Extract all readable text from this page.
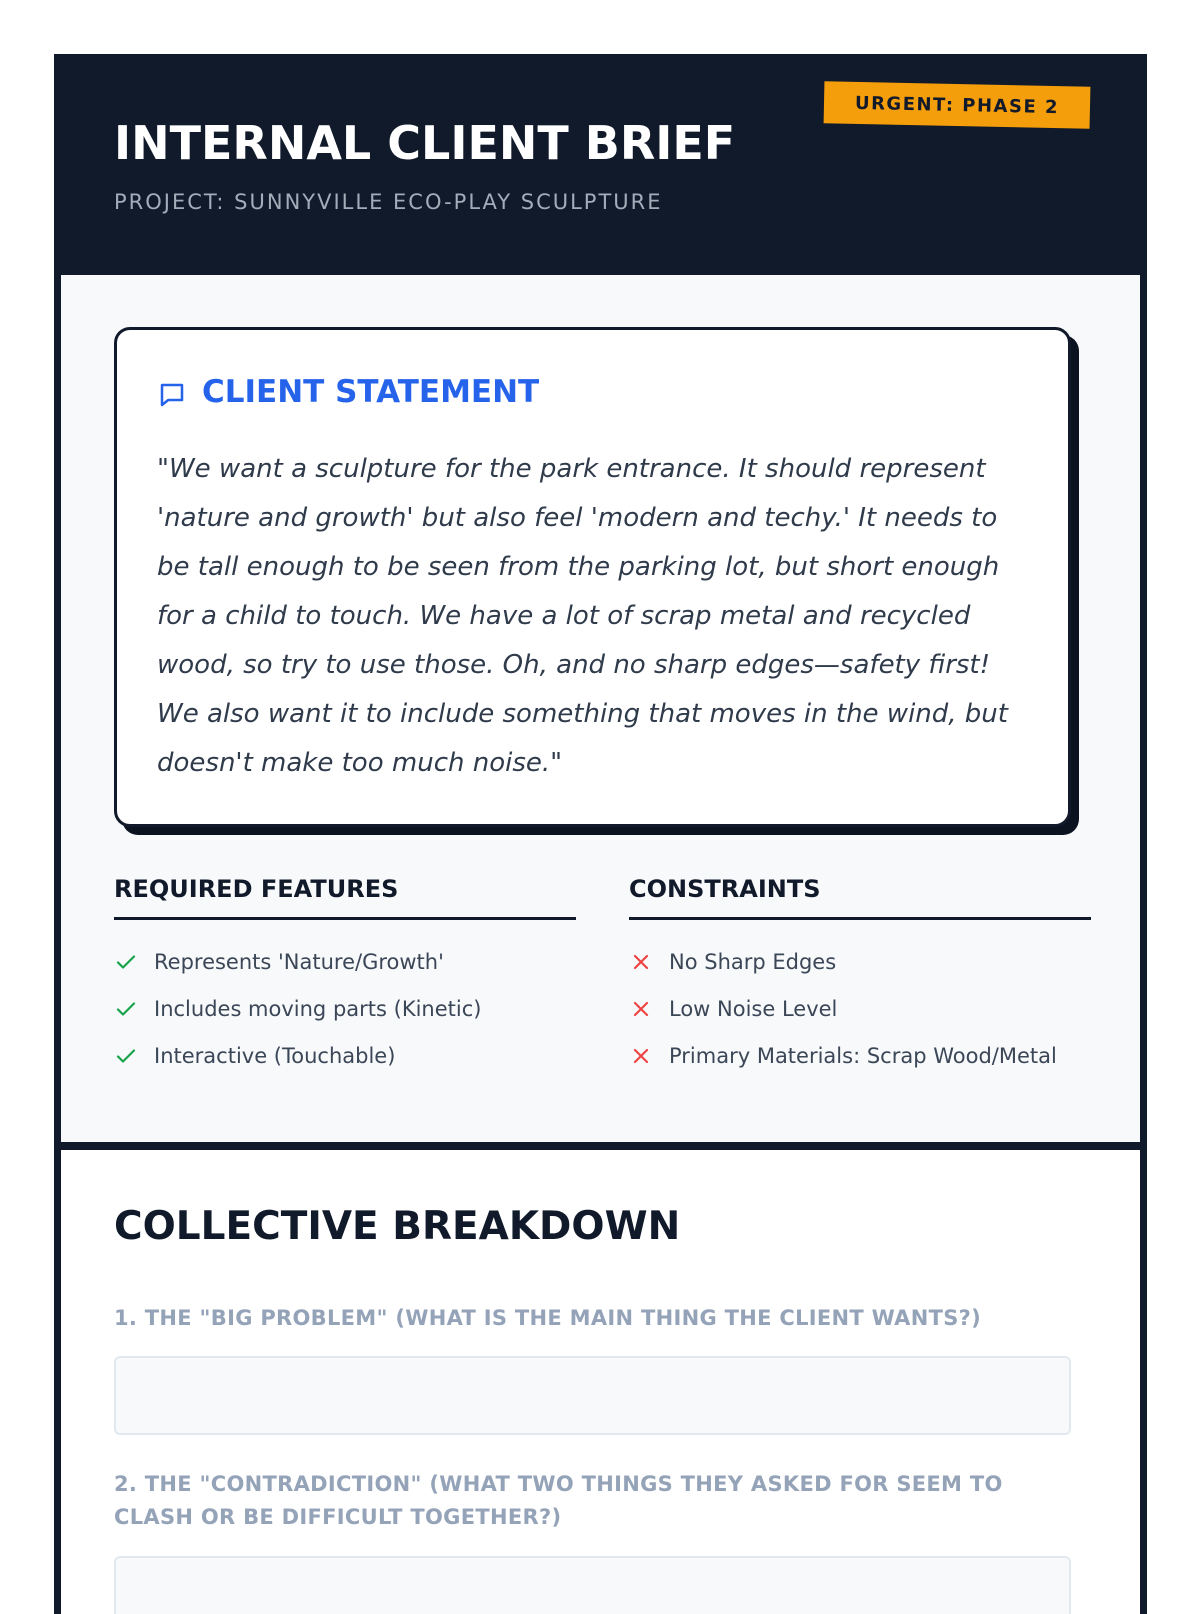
INTERNAL CLIENT BRIEF
PROJECT: SUNNYVILLE ECO-PLAY SCULPTURE
URGENT: PHASE 2
CLIENT STATEMENT

"We want a sculpture for the park entrance. It should represent 'nature and growth' but also feel 'modern and techy.' It needs to be tall enough to be seen from the parking lot, but short enough for a child to touch. We have a lot of scrap metal and recycled wood, so try to use those. Oh, and no sharp edges—safety first! We also want it to include something that moves in the wind, but doesn't make too much noise."

REQUIRED FEATURES
Represents 'Nature/Growth'
Includes moving parts (Kinetic)
Interactive (Touchable)
CONSTRAINTS
No Sharp Edges
Low Noise Level
Primary Materials: Scrap Wood/Metal
COLLECTIVE BREAKDOWN
1. THE "BIG PROBLEM" (WHAT IS THE MAIN THING THE CLIENT WANTS?)
2. THE "CONTRADICTION" (WHAT TWO THINGS THEY ASKED FOR SEEM TO CLASH OR BE DIFFICULT TOGETHER?)
